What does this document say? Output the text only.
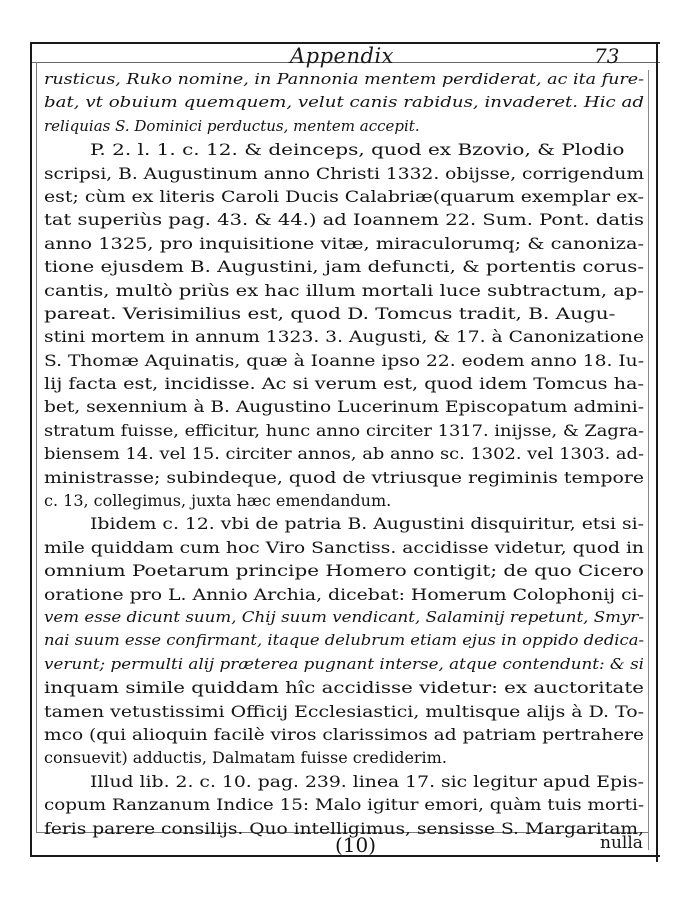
Appendix	73
rusticus, Ruko nomine, in Pannonia mentem perdiderat, ac ita fure-
bat, vt obuium quemquem, velut canis rabidus, invaderet. Hic ad
reliquias S. Dominici perductus, mentem accepit.
P. 2. l. 1. c. 12. & deinceps, quod ex Bzovio, & Plodio
scripsi, B. Augustinum anno Christi 1332. obijsse, corrigendum
est; cùm ex literis Caroli Ducis Calabriæ(quarum exemplar ex-
tat superiùs pag. 43. & 44.) ad Ioannem 22. Sum. Pont. datis
anno 1325, pro inquisitione vitæ, miraculorumq; & canoniza-
tione ejusdem B. Augustini, jam defuncti, & portentis corus-
cantis, multò priùs ex hac illum mortali luce subtractum, ap-
pareat. Verisimilius est, quod D. Tomcus tradit, B. Augu-
stini mortem in annum 1323. 3. Augusti, & 17. à Canonizatione
S. Thomæ Aquinatis, quæ à Ioanne ipso 22. eodem anno 18. Iu-
lij facta est, incidisse. Ac si verum est, quod idem Tomcus ha-
bet, sexennium à B. Augustino Lucerinum Episcopatum admini-
stratum fuisse, efficitur, hunc anno circiter 1317. inijsse, & Zagra-
biensem 14. vel 15. circiter annos, ab anno sc. 1302. vel 1303. ad-
ministrasse; subindeque, quod de vtriusque regiminis tempore
c. 13, collegimus, juxta hæc emendandum.
Ibidem c. 12. vbi de patria B. Augustini disquiritur, etsi si-
mile quiddam cum hoc Viro Sanctiss. accidisse videtur, quod in
omnium Poetarum principe Homero contigit; de quo Cicero
oratione pro L. Annio Archia, dicebat: Homerum Colophonij ci-
vem esse dicunt suum, Chij suum vendicant, Salaminij repetunt, Smyr-
nai suum esse confirmant, itaque delubrum etiam ejus in oppido dedica-
verunt; permulti alij præterea pugnant interse, atque contendunt: & si
inquam simile quiddam hîc accidisse videtur: ex auctoritate
tamen vetustissimi Officij Ecclesiastici, multisque alijs à D. To-
mco (qui alioquin facilè viros clarissimos ad patriam pertrahere
consuevit) adductis, Dalmatam fuisse crediderim.
Illud lib. 2. c. 10. pag. 239. linea 17. sic legitur apud Epis-
copum Ranzanum Indice 15: Malo igitur emori, quàm tuis morti-
feris parere consilijs. Quo intelligimus, sensisse S. Margaritam,
(10)	nulla
